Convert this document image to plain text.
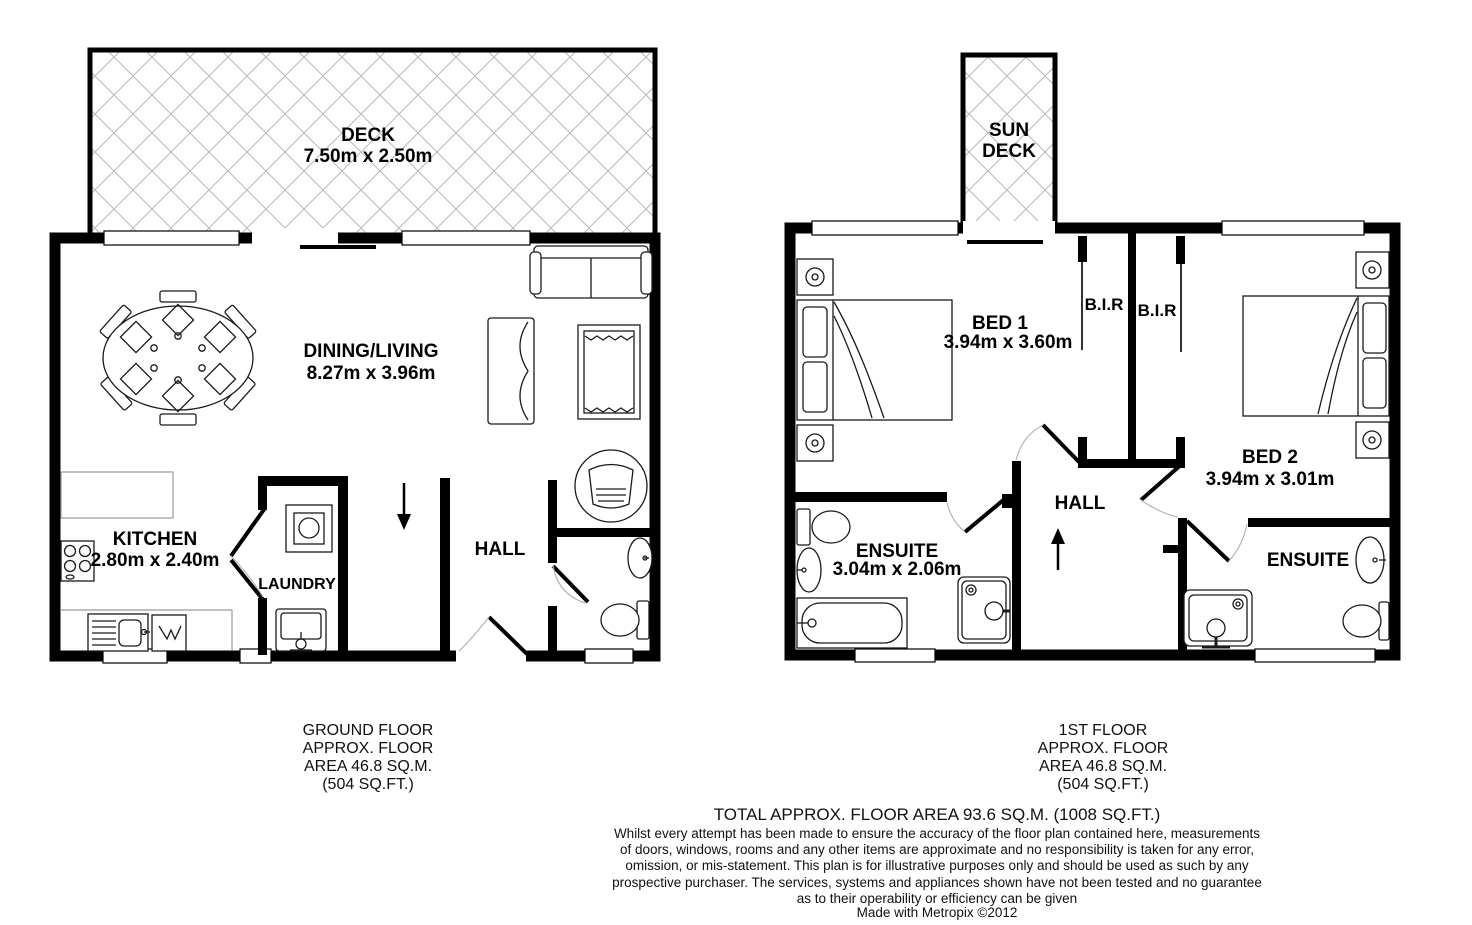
DECK
7.50m x 2.50m
DINING/LIVING
8.27m x 3.96m
KITCHEN
2.80m x 2.40m
LAUNDRY
HALL
SUN
DECK
BED 1
3.94m x 3.60m
B.I.R B.I.R
BED 2
3.94m x 3.01m
HALL
ENSUITE
3.04m x 2.06m	ENSUITE
GROUND FLOOR
APPROX. FLOOR
AREA 46.8 SQ.M.
(504 SQ.FT.)
1ST FLOOR
APPROX. FLOOR
AREA 46.8 SQ.M.
(504 SQ.FT.)
TOTAL APPROX. FLOOR AREA 93.6 SQ.M. (1008 SQ.FT.)
Whilst every attempt has been made to ensure the accuracy of the floor plan contained here, measurements
of doors, windows, rooms and any other items are approximate and no responsibility is taken for any error,
omission, or mis-statement. This plan is for illustrative purposes only and should be used as such by any
prospective purchaser. The services, systems and appliances shown have not been tested and no guarantee
as to their operability or efficiency can be given
Made with Metropix ©2012
